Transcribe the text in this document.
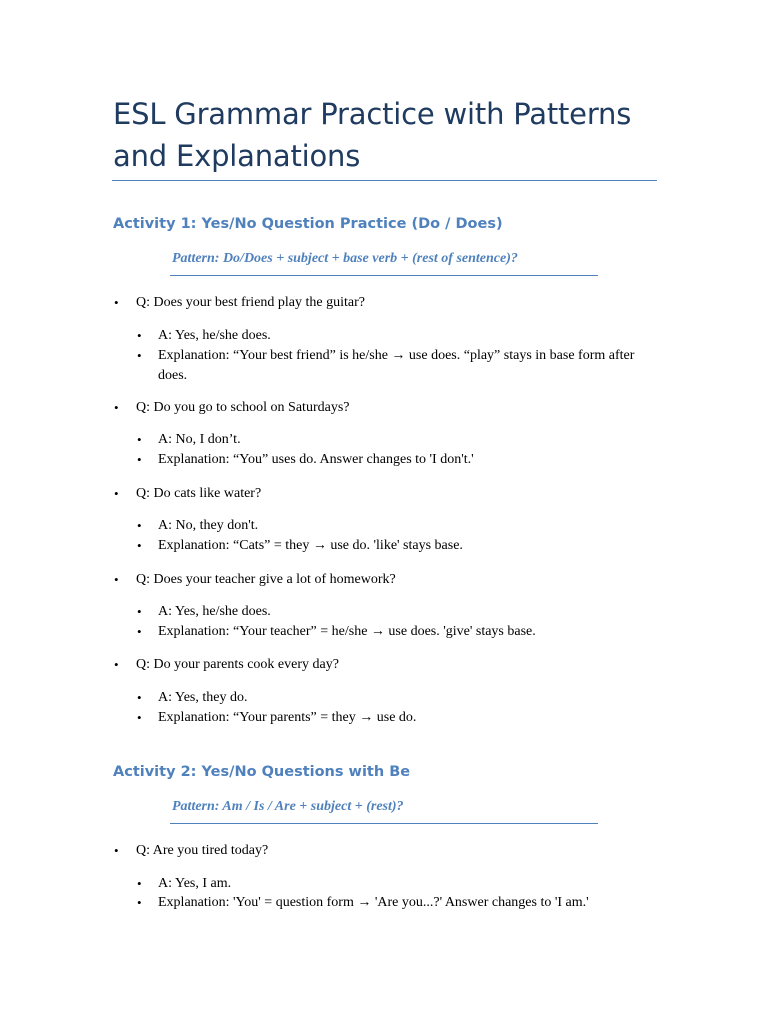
ESL Grammar Practice with Patterns and Explanations
Activity 1: Yes/No Question Practice (Do / Does)

Pattern: Do/Does + subject + base verb + (rest of sentence)?

• Q: Does your best friend play the guitar?

• A: Yes, he/she does.

• Explanation: “Your best friend” is he/she → use does. “play” stays in base form after does.

• Q: Do you go to school on Saturdays?

• A: No, I don’t.

• Explanation: “You” uses do. Answer changes to 'I don't.'

• Q: Do cats like water?

• A: No, they don't.

• Explanation: “Cats” = they → use do. 'like' stays base.

• Q: Does your teacher give a lot of homework?

• A: Yes, he/she does.

• Explanation: “Your teacher” = he/she → use does. 'give' stays base.

• Q: Do your parents cook every day?

• A: Yes, they do.

• Explanation: “Your parents” = they → use do.

Activity 2: Yes/No Questions with Be

Pattern: Am / Is / Are + subject + (rest)?

• Q: Are you tired today?

• A: Yes, I am.

• Explanation: 'You' = question form → 'Are you...?' Answer changes to 'I am.'
